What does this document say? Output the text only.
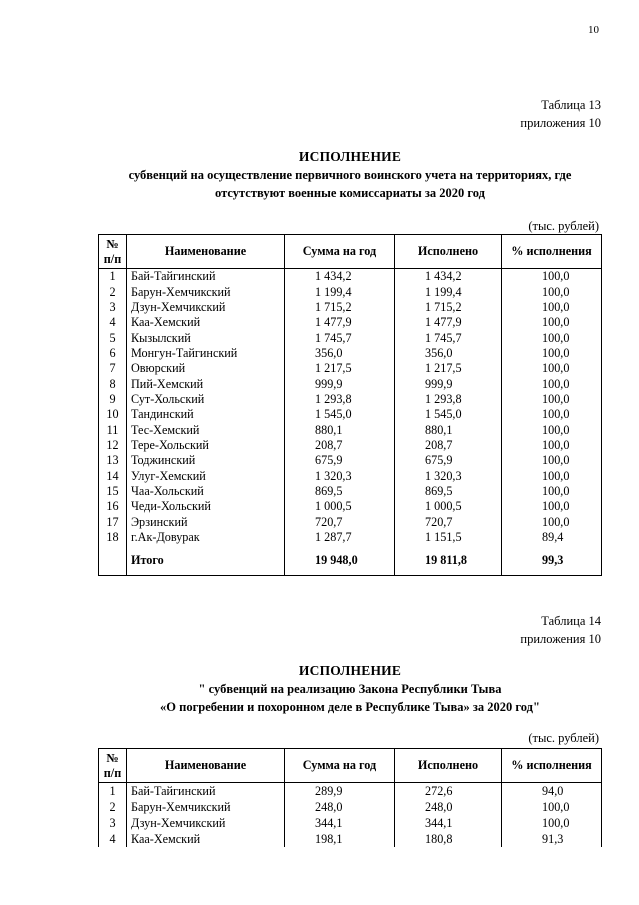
10
Таблица 13
приложения 10
ИСПОЛНЕНИЕ
субвенций на осуществление первичного воинского учета на территориях, где
отсутствуют военные комиссариаты за 2020 год
(тыс. рублей)
№
п/п	Наименование	Сумма на год	Исполнено	% исполнения
1	Бай-Тайгинский	1 434,2	1 434,2	100,0
2	Барун-Хемчикский	1 199,4	1 199,4	100,0
3	Дзун-Хемчикский	1 715,2	1 715,2	100,0
4	Каа-Хемский	1 477,9	1 477,9	100,0
5	Кызылский	1 745,7	1 745,7	100,0
6	Монгун-Тайгинский	356,0	356,0	100,0
7	Овюрский	1 217,5	1 217,5	100,0
8	Пий-Хемский	999,9	999,9	100,0
9	Сут-Хольский	1 293,8	1 293,8	100,0
10	Тандинский	1 545,0	1 545,0	100,0
11	Тес-Хемский	880,1	880,1	100,0
12	Тере-Хольский	208,7	208,7	100,0
13	Тоджинский	675,9	675,9	100,0
14	Улуг-Хемский	1 320,3	1 320,3	100,0
15	Чаа-Хольский	869,5	869,5	100,0
16	Чеди-Хольский	1 000,5	1 000,5	100,0
17	Эрзинский	720,7	720,7	100,0
18	г.Ак-Довурак	1 287,7	1 151,5	89,4
	Итого	19 948,0	19 811,8	99,3
Таблица 14
приложения 10
ИСПОЛНЕНИЕ
" субвенций на реализацию Закона Республики Тыва
«О погребении и похоронном деле в Республике Тыва» за 2020 год"
(тыс. рублей)
№
п/п	Наименование	Сумма на год	Исполнено	% исполнения
1	Бай-Тайгинский	289,9	272,6	94,0
2	Барун-Хемчикский	248,0	248,0	100,0
3	Дзун-Хемчикский	344,1	344,1	100,0
4	Каа-Хемский	198,1	180,8	91,3
